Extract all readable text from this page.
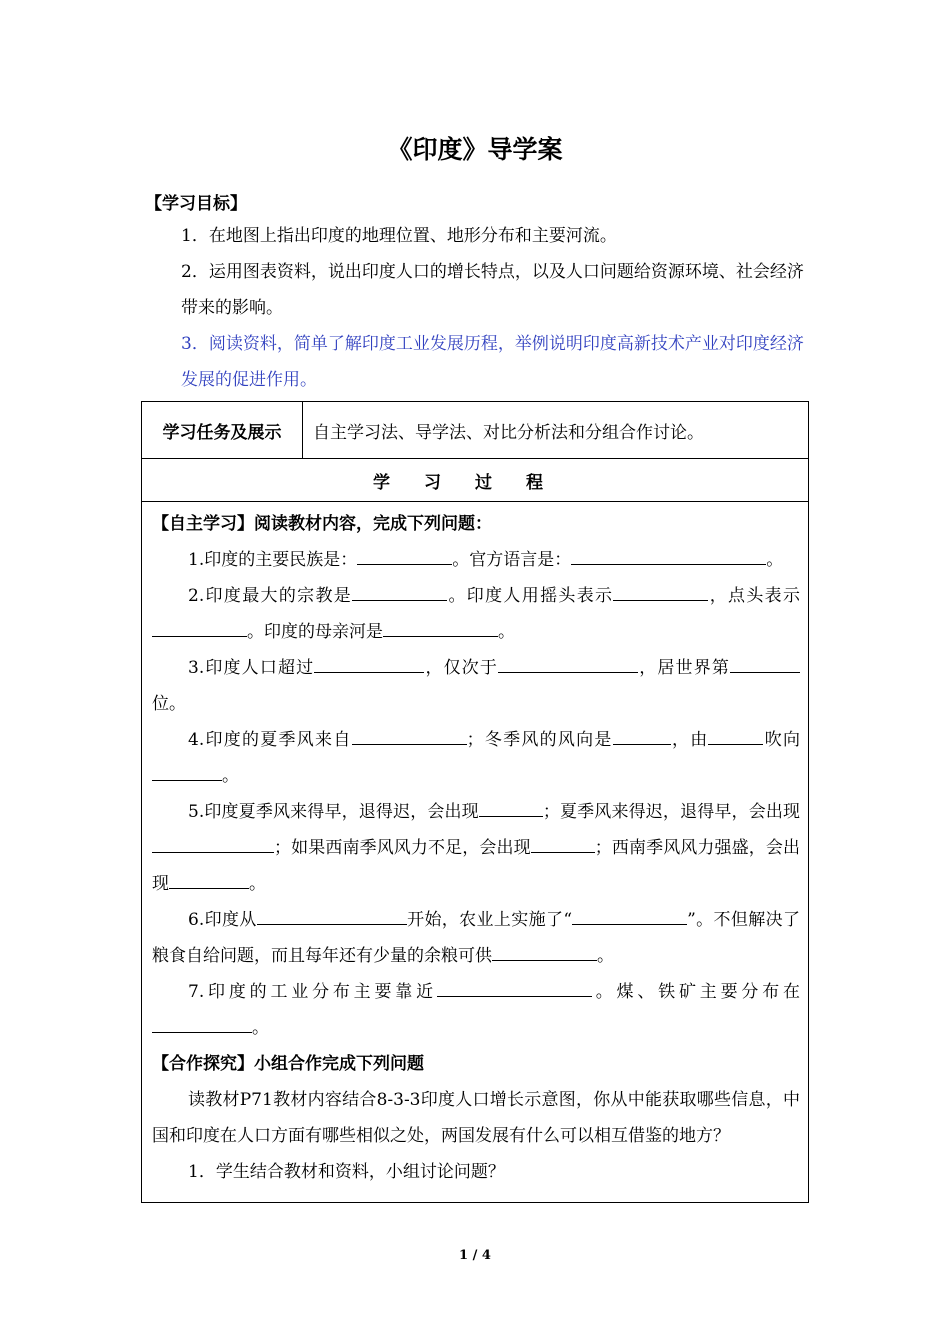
《印度》导学案
【学习目标】
1．在地图上指出印度的地理位置、地形分布和主要河流。
2．运用图表资料，说出印度人口的增长特点，以及人口问题给资源环境、社会经济带来的影响。
3．阅读资料，简单了解印度工业发展历程，举例说明印度高新技术产业对印度经济发展的促进作用。
学习任务及展示	自主学习法、导学法、对比分析法和分组合作讨论。
学习过程

【自主学习】阅读教材内容，完成下列问题：
1.印度的主要民族是：	。官方语言是：	。
2.印度最大的宗教是	。印度人用摇头表示	，点头表示。印度的母亲河是	。
3.印度人口超过	，仅次于	，居世界第位。
4.印度的夏季风来自	；冬季风的风向是	，由	吹向。
5.印度夏季风来得早，退得迟，会出现	；夏季风来得迟，退得早，会出现；如果西南季风风力不足，会出现	；西南季风风力强盛，会出现	。
6.印度从	开始，农业上实施了“	”。不但解决了粮食自给问题，而且每年还有少量的余粮可供	。
7.印度的工业分布主要靠近	。煤、铁矿主要分布在。
【合作探究】小组合作完成下列问题
读教材P71教材内容结合8-3-3印度人口增长示意图，你从中能获取哪些信息，中国和印度在人口方面有哪些相似之处，两国发展有什么可以相互借鉴的地方？
1．学生结合教材和资料，小组讨论问题？
1 / 4
